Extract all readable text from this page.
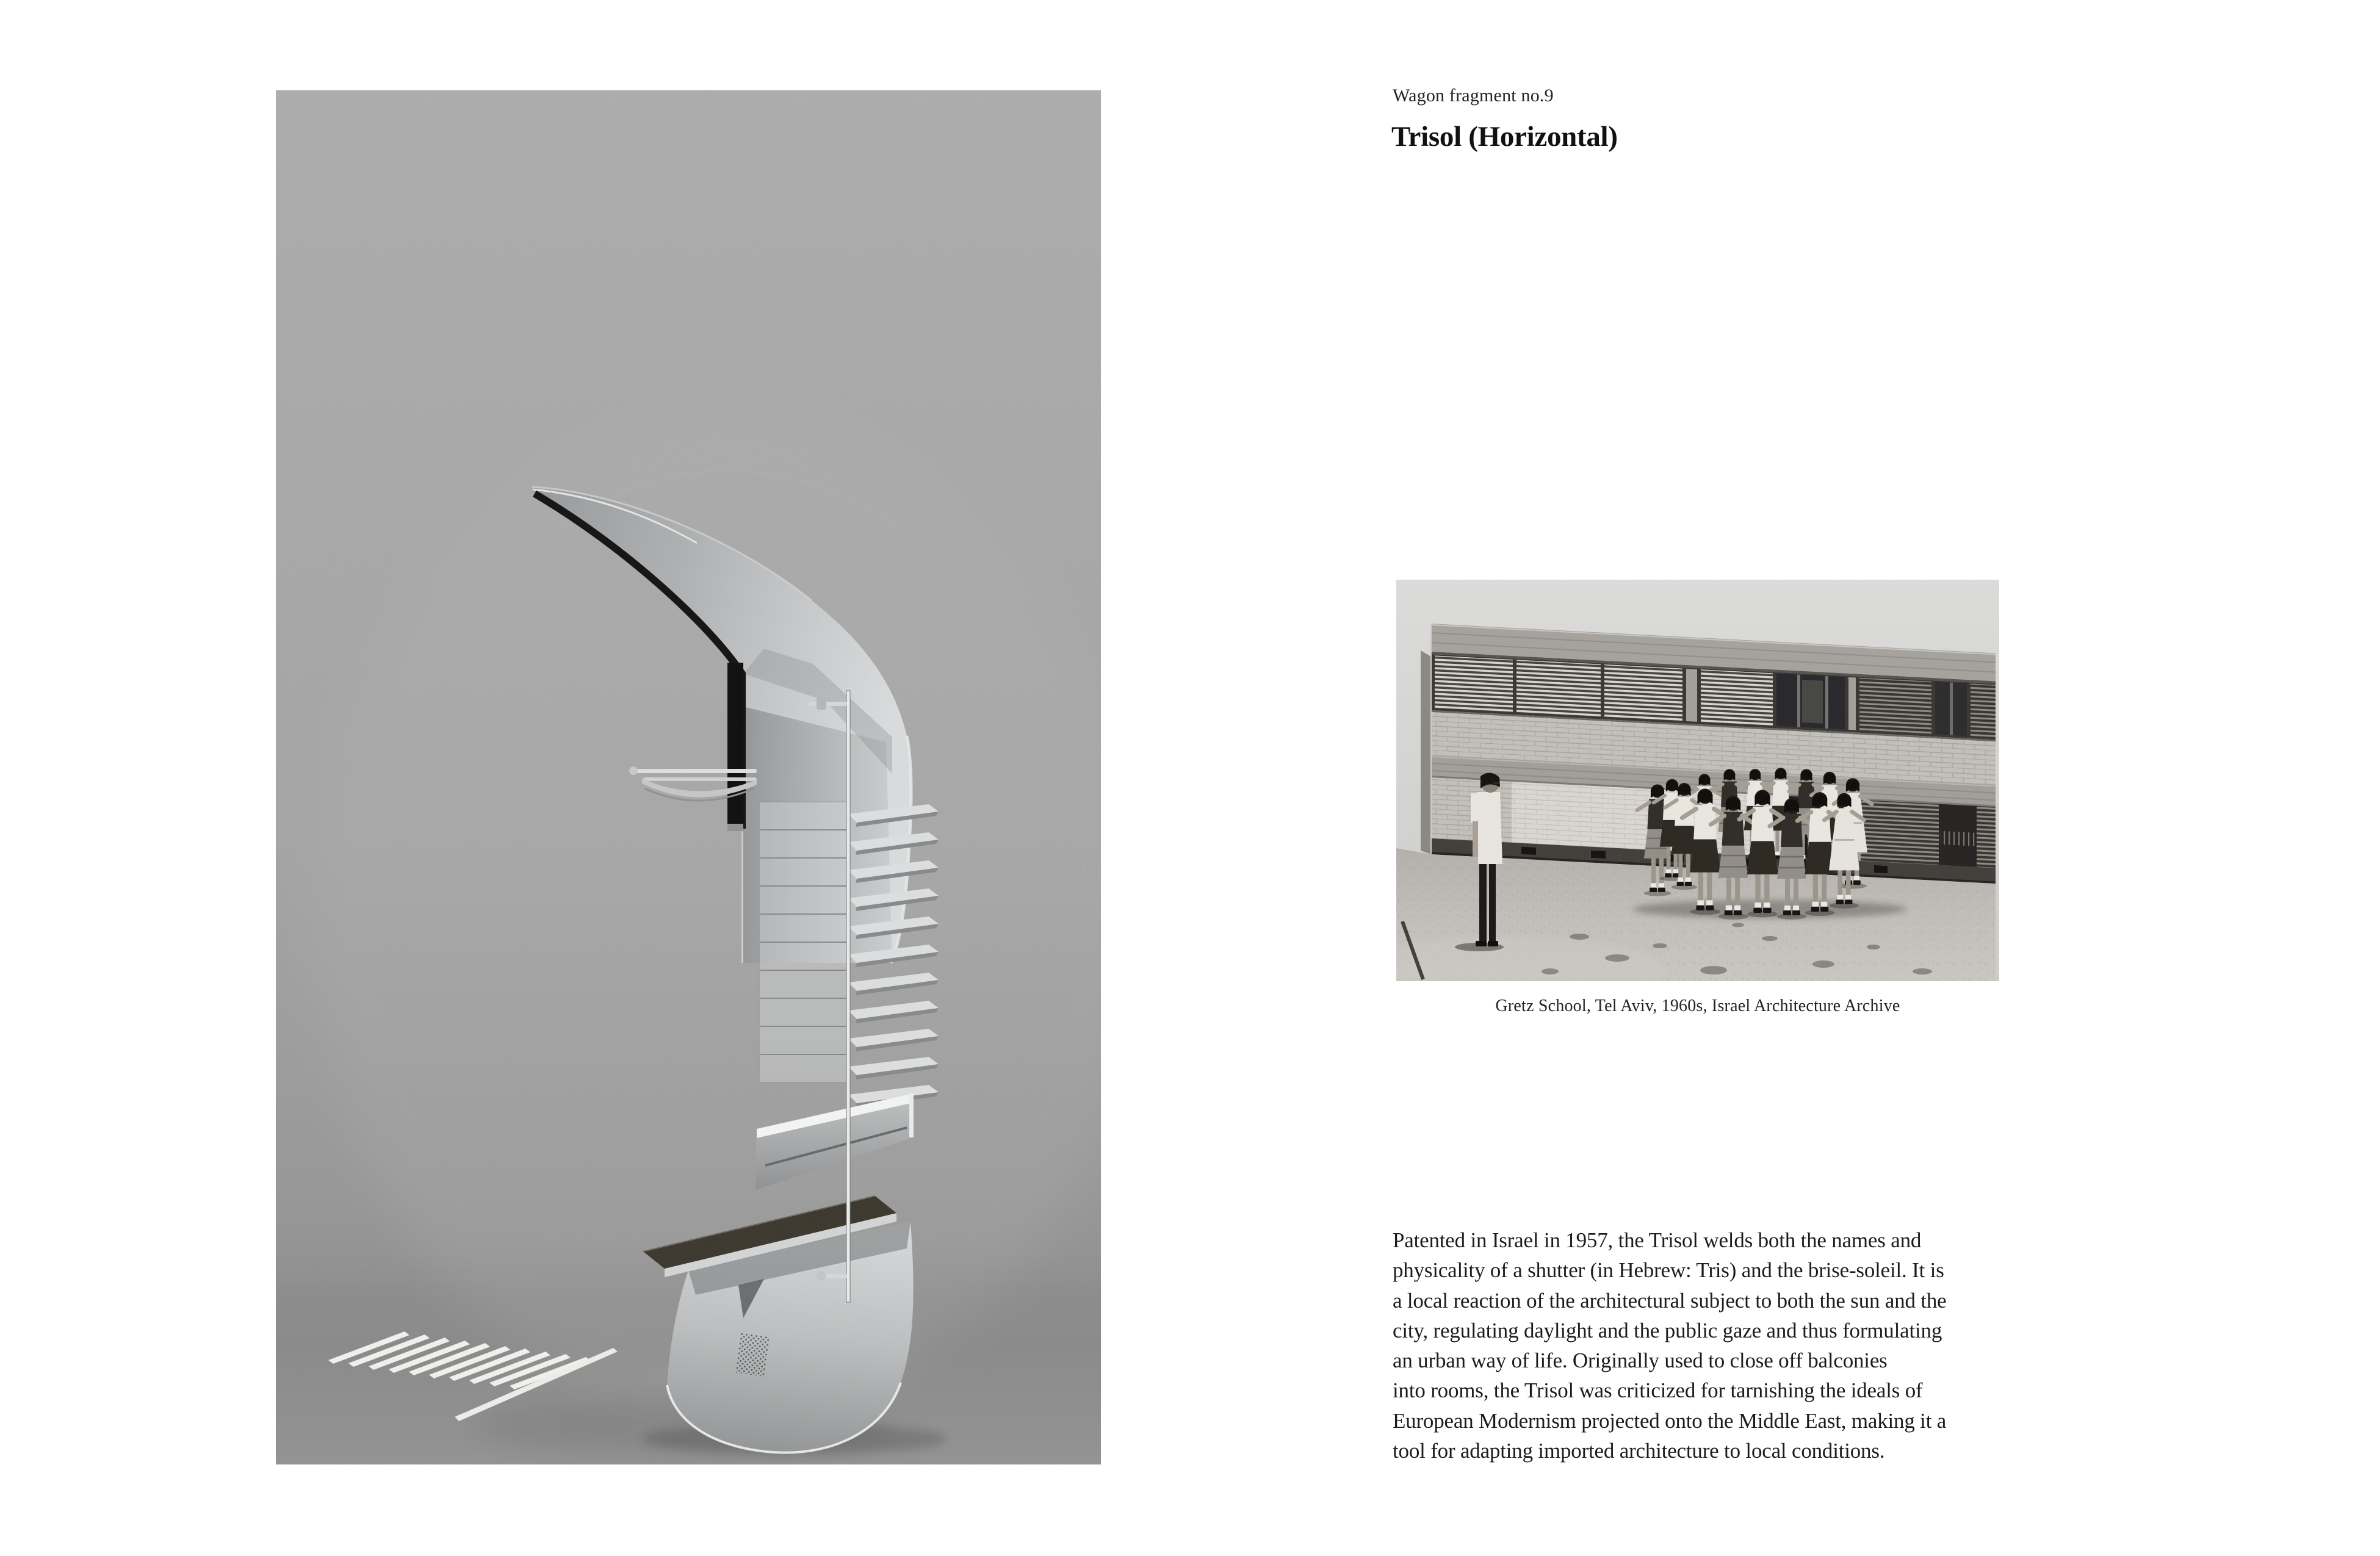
Wagon fragment no.9
Trisol (Horizontal)
Gretz School, Tel Aviv, 1960s, Israel Architecture Archive
Patented in Israel in 1957, the Trisol welds both the names and
physicality of a shutter (in Hebrew: Tris) and the brise-soleil. It is
a local reaction of the architectural subject to both the sun and the
city, regulating daylight and the public gaze and thus formulating
an urban way of life. Originally used to close off balconies
into rooms, the Trisol was criticized for tarnishing the ideals of
European Modernism projected onto the Middle East, making it a
tool for adapting imported architecture to local conditions.
